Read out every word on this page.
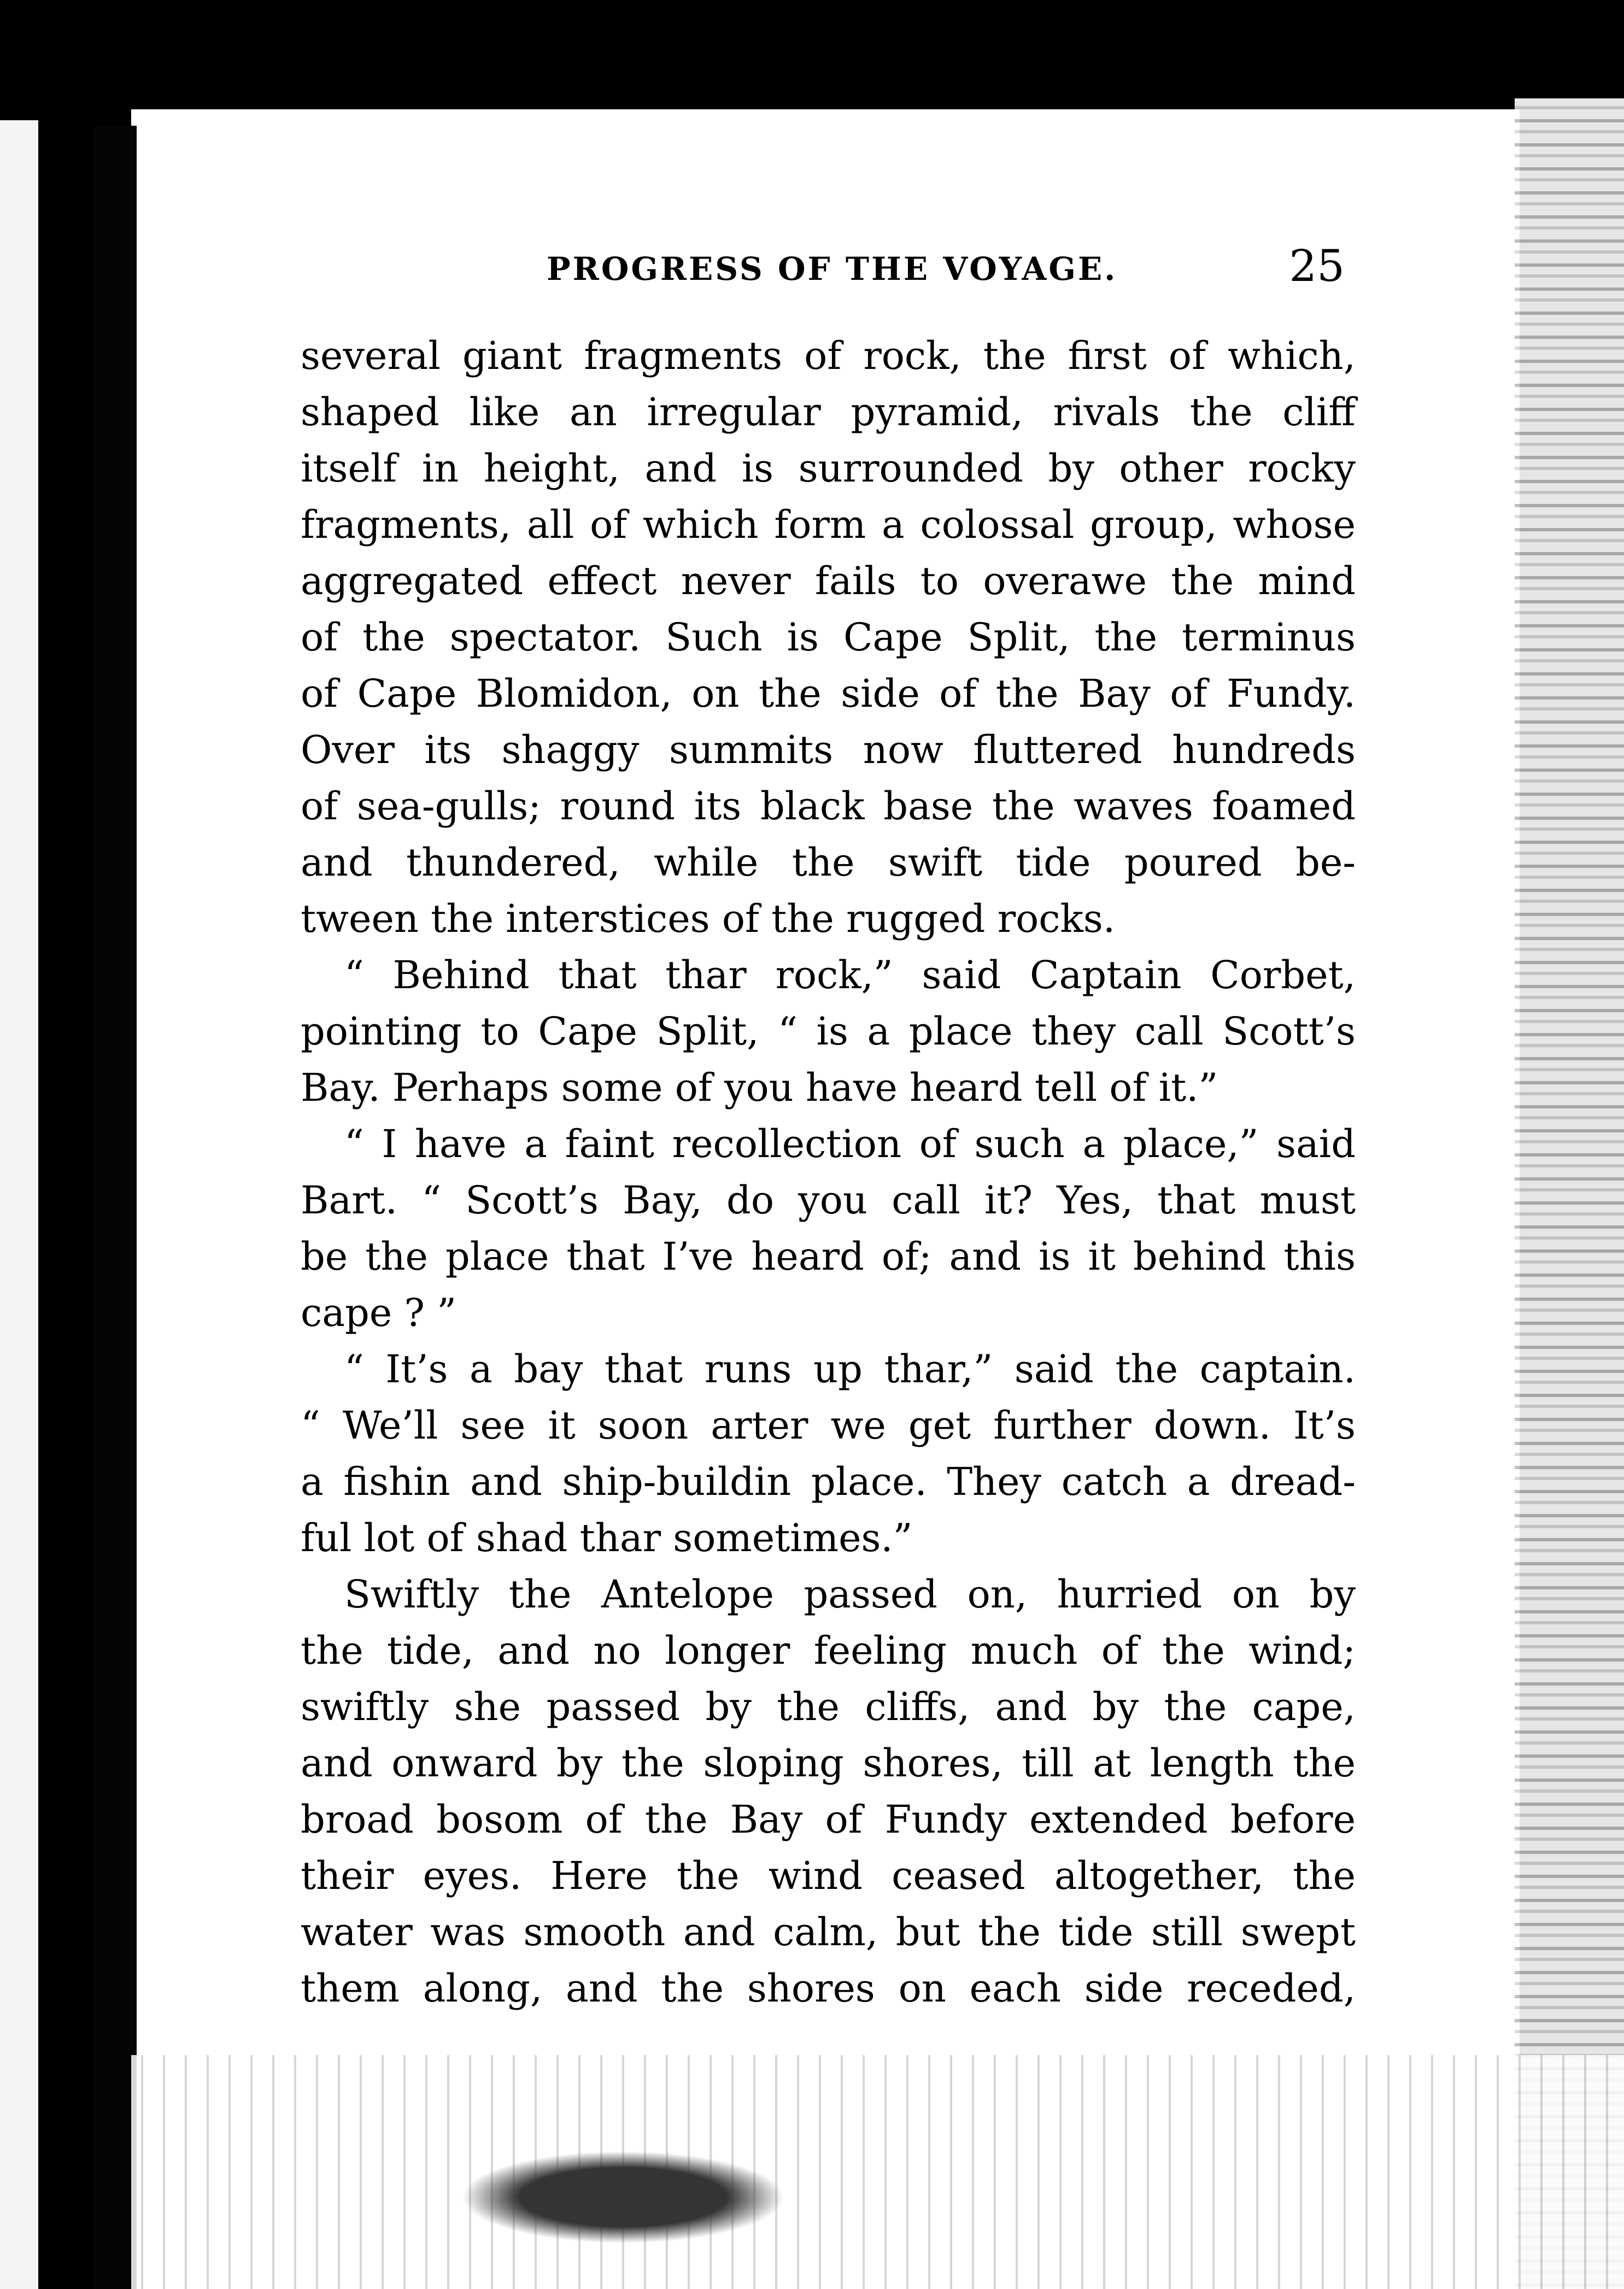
PROGRESS OF THE VOYAGE.	25
several giant fragments of rock, the first of which,
shaped like an irregular pyramid, rivals the cliff
itself in height, and is surrounded by other rocky
fragments, all of which form a colossal group, whose
aggregated effect never fails to overawe the mind
of the spectator. Such is Cape Split, the terminus
of Cape Blomidon, on the side of the Bay of Fundy.
Over its shaggy summits now fluttered hundreds
of sea-gulls; round its black base the waves foamed
and thundered, while the swift tide poured be-
tween the interstices of the rugged rocks.
“ Behind that thar rock,” said Captain Corbet,
pointing to Cape Split, “ is a place they call Scott’s
Bay. Perhaps some of you have heard tell of it.”
“ I have a faint recollection of such a place,” said
Bart. “ Scott’s Bay, do you call it? Yes, that must
be the place that I’ve heard of; and is it behind this
cape ? ”
“ It’s a bay that runs up thar,” said the captain.
“ We’ll see it soon arter we get further down. It’s
a fishin and ship-buildin place. They catch a dread-
ful lot of shad thar sometimes.”
Swiftly the Antelope passed on, hurried on by
the tide, and no longer feeling much of the wind;
swiftly she passed by the cliffs, and by the cape,
and onward by the sloping shores, till at length the
broad bosom of the Bay of Fundy extended before
their eyes. Here the wind ceased altogether, the
water was smooth and calm, but the tide still swept
them along, and the shores on each side receded,
